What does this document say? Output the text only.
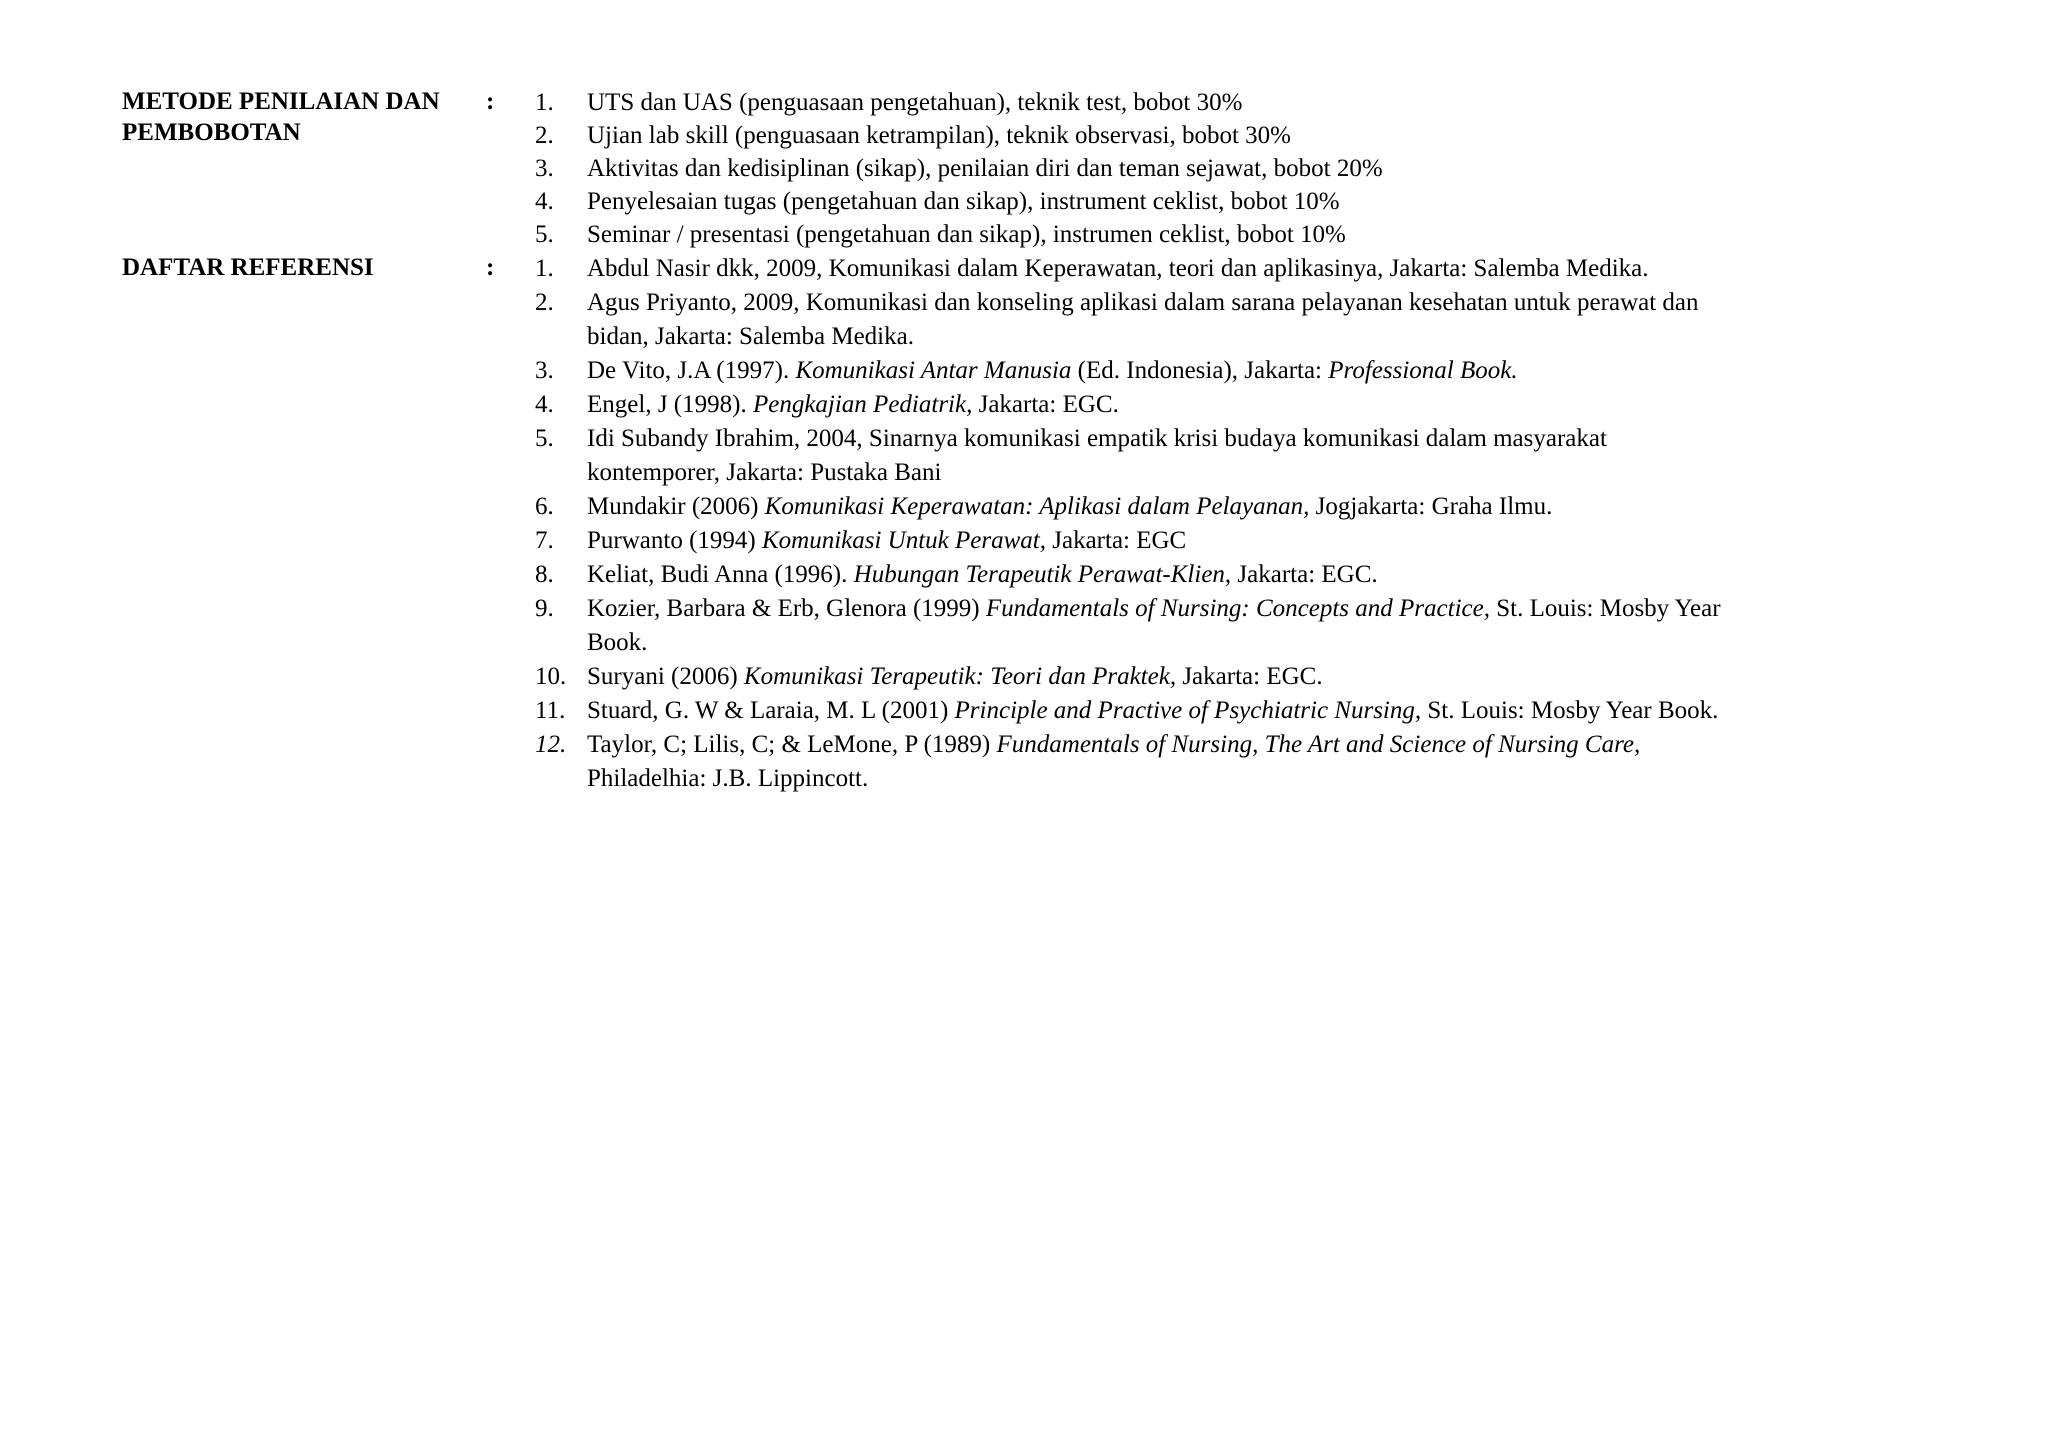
METODE PENILAIAN DAN
PEMBOBOTAN
: 1.	UTS dan UAS (penguasaan pengetahuan), teknik test, bobot 30%
2.	Ujian lab skill (penguasaan ketrampilan), teknik observasi, bobot 30%
3.	Aktivitas dan kedisiplinan (sikap), penilaian diri dan teman sejawat, bobot 20%
4.	Penyelesaian tugas (pengetahuan dan sikap), instrument ceklist, bobot 10%
5.	Seminar / presentasi (pengetahuan dan sikap), instrumen ceklist, bobot 10%
DAFTAR REFERENSI	: 1.	Abdul Nasir dkk, 2009, Komunikasi dalam Keperawatan, teori dan aplikasinya, Jakarta: Salemba Medika.
2.	Agus Priyanto, 2009, Komunikasi dan konseling aplikasi dalam sarana pelayanan kesehatan untuk perawat dan bidan, Jakarta: Salemba Medika.
3.	De Vito, J.A (1997). Komunikasi Antar Manusia (Ed. Indonesia), Jakarta: Professional Book.
4.	Engel, J (1998). Pengkajian Pediatrik, Jakarta: EGC.
5.	Idi Subandy Ibrahim, 2004, Sinarnya komunikasi empatik krisi budaya komunikasi dalam masyarakat kontemporer, Jakarta: Pustaka Bani
6.	Mundakir (2006) Komunikasi Keperawatan: Aplikasi dalam Pelayanan, Jogjakarta: Graha Ilmu.
7.	Purwanto (1994) Komunikasi Untuk Perawat, Jakarta: EGC
8.	Keliat, Budi Anna (1996). Hubungan Terapeutik Perawat-Klien, Jakarta: EGC.
9.	Kozier, Barbara & Erb, Glenora (1999) Fundamentals of Nursing: Concepts and Practice, St. Louis: Mosby Year Book.
10. Suryani (2006) Komunikasi Terapeutik: Teori dan Praktek, Jakarta: EGC.
11. Stuard, G. W & Laraia, M. L (2001) Principle and Practive of Psychiatric Nursing, St. Louis: Mosby Year Book.
12. Taylor, C; Lilis, C; & LeMone, P (1989) Fundamentals of Nursing, The Art and Science of Nursing Care, Philadelhia: J.B. Lippincott.
